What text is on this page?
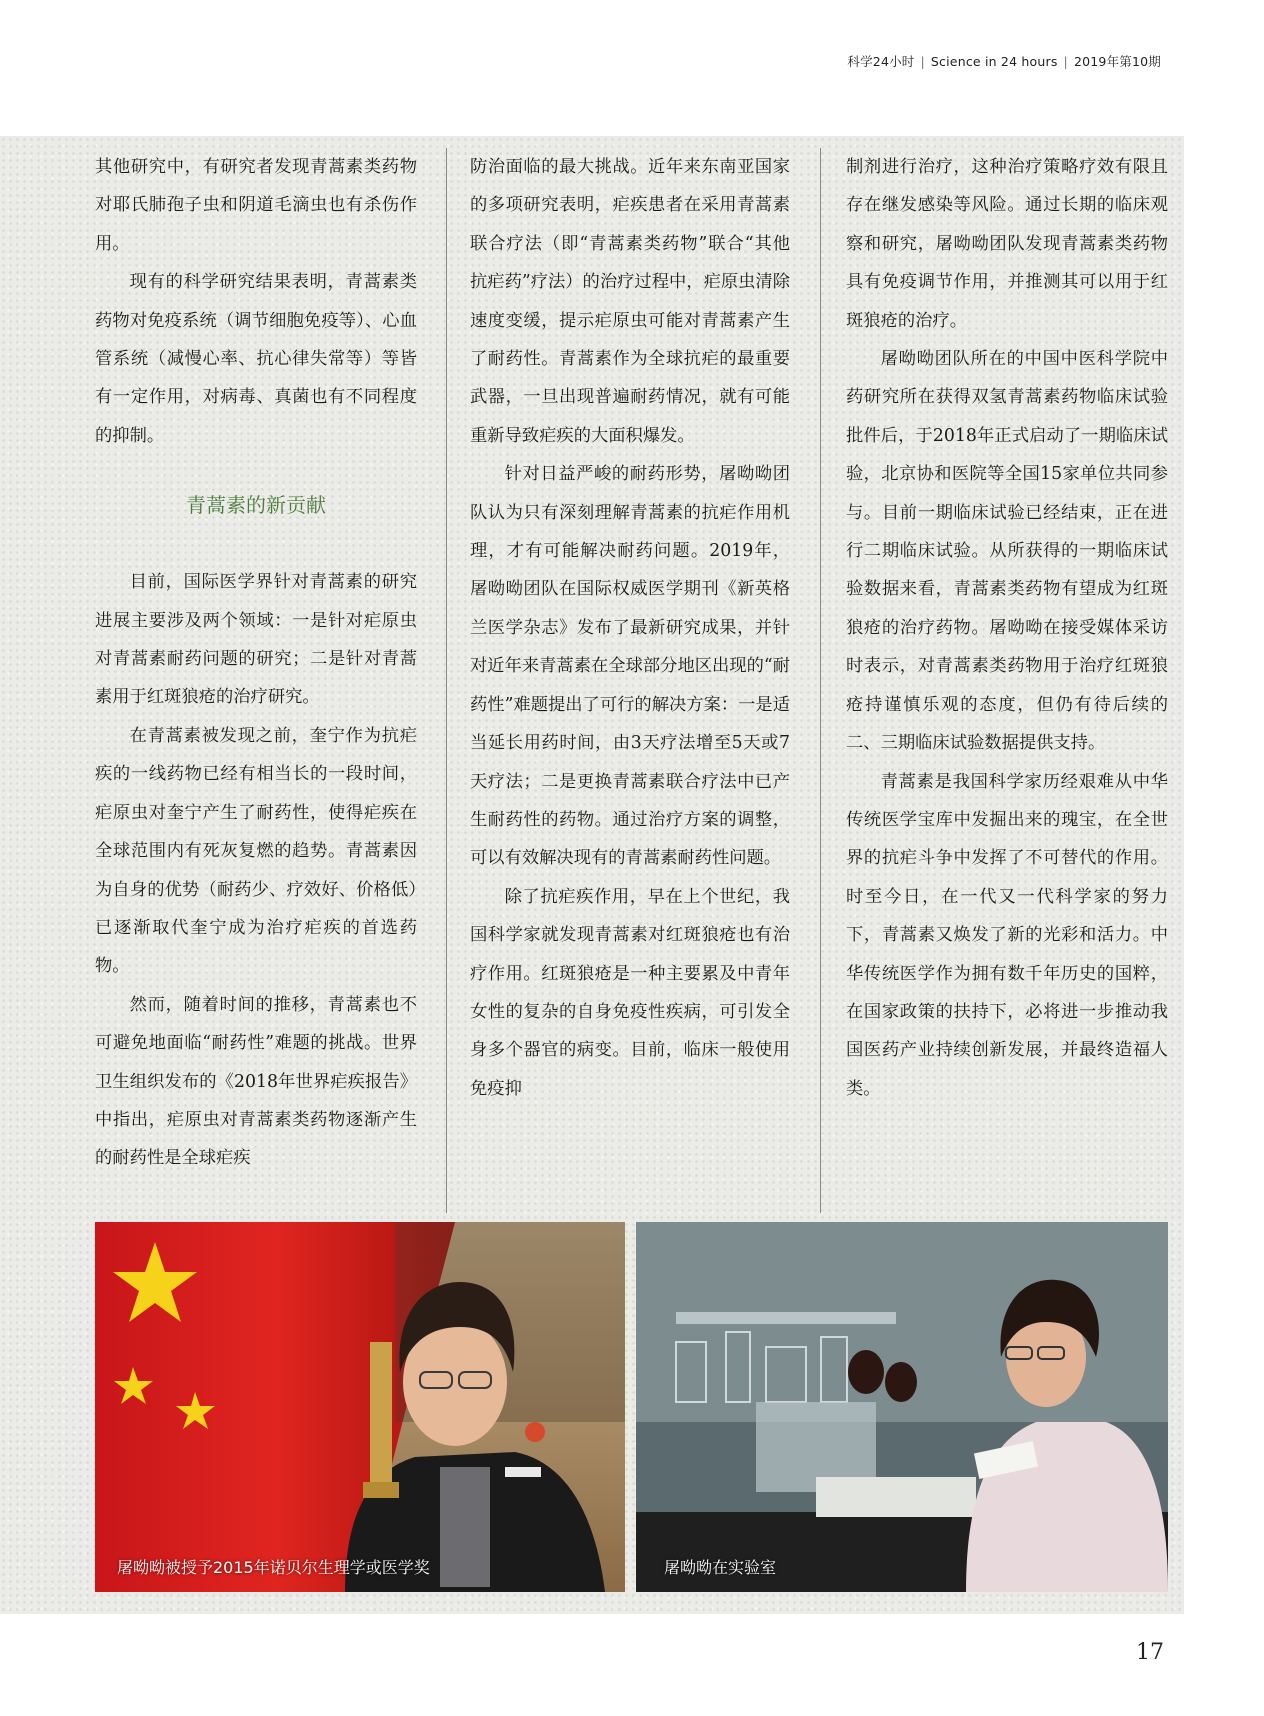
科学24小时 | Science in 24 hours | 2019年第10期

其他研究中，有研究者发现青蒿素类药物对耶氏肺孢子虫和阴道毛滴虫也有杀伤作用。

现有的科学研究结果表明，青蒿素类药物对免疫系统（调节细胞免疫等）、心血管系统（减慢心率、抗心律失常等）等皆有一定作用，对病毒、真菌也有不同程度的抑制。

青蒿素的新贡献

目前，国际医学界针对青蒿素的研究进展主要涉及两个领域：一是针对疟原虫对青蒿素耐药问题的研究；二是针对青蒿素用于红斑狼疮的治疗研究。

在青蒿素被发现之前，奎宁作为抗疟疾的一线药物已经有相当长的一段时间，疟原虫对奎宁产生了耐药性，使得疟疾在全球范围内有死灰复燃的趋势。青蒿素因为自身的优势（耐药少、疗效好、价格低）已逐渐取代奎宁成为治疗疟疾的首选药物。

然而，随着时间的推移，青蒿素也不可避免地面临“耐药性”难题的挑战。世界卫生组织发布的《2018年世界疟疾报告》中指出，疟原虫对青蒿素类药物逐渐产生的耐药性是全球疟疾

防治面临的最大挑战。近年来东南亚国家的多项研究表明，疟疾患者在采用青蒿素联合疗法（即“青蒿素类药物”联合“其他抗疟药”疗法）的治疗过程中，疟原虫清除速度变缓，提示疟原虫可能对青蒿素产生了耐药性。青蒿素作为全球抗疟的最重要武器，一旦出现普遍耐药情况，就有可能重新导致疟疾的大面积爆发。

针对日益严峻的耐药形势，屠呦呦团队认为只有深刻理解青蒿素的抗疟作用机理，才有可能解决耐药问题。2019年，屠呦呦团队在国际权威医学期刊《新英格兰医学杂志》发布了最新研究成果，并针对近年来青蒿素在全球部分地区出现的“耐药性”难题提出了可行的解决方案：一是适当延长用药时间，由3天疗法增至5天或7天疗法；二是更换青蒿素联合疗法中已产生耐药性的药物。通过治疗方案的调整，可以有效解决现有的青蒿素耐药性问题。

除了抗疟疾作用，早在上个世纪，我国科学家就发现青蒿素对红斑狼疮也有治疗作用。红斑狼疮是一种主要累及中青年女性的复杂的自身免疫性疾病，可引发全身多个器官的病变。目前，临床一般使用免疫抑

制剂进行治疗，这种治疗策略疗效有限且存在继发感染等风险。通过长期的临床观察和研究，屠呦呦团队发现青蒿素类药物具有免疫调节作用，并推测其可以用于红斑狼疮的治疗。

屠呦呦团队所在的中国中医科学院中药研究所在获得双氢青蒿素药物临床试验批件后，于2018年正式启动了一期临床试验，北京协和医院等全国15家单位共同参与。目前一期临床试验已经结束，正在进行二期临床试验。从所获得的一期临床试验数据来看，青蒿素类药物有望成为红斑狼疮的治疗药物。屠呦呦在接受媒体采访时表示，对青蒿素类药物用于治疗红斑狼疮持谨慎乐观的态度，但仍有待后续的二、三期临床试验数据提供支持。

青蒿素是我国科学家历经艰难从中华传统医学宝库中发掘出来的瑰宝，在全世界的抗疟斗争中发挥了不可替代的作用。时至今日，在一代又一代科学家的努力下，青蒿素又焕发了新的光彩和活力。中华传统医学作为拥有数千年历史的国粹，在国家政策的扶持下，必将进一步推动我国医药产业持续创新发展，并最终造福人类。

屠呦呦被授予2015年诺贝尔生理学或医学奖	屠呦呦在实验室
17
